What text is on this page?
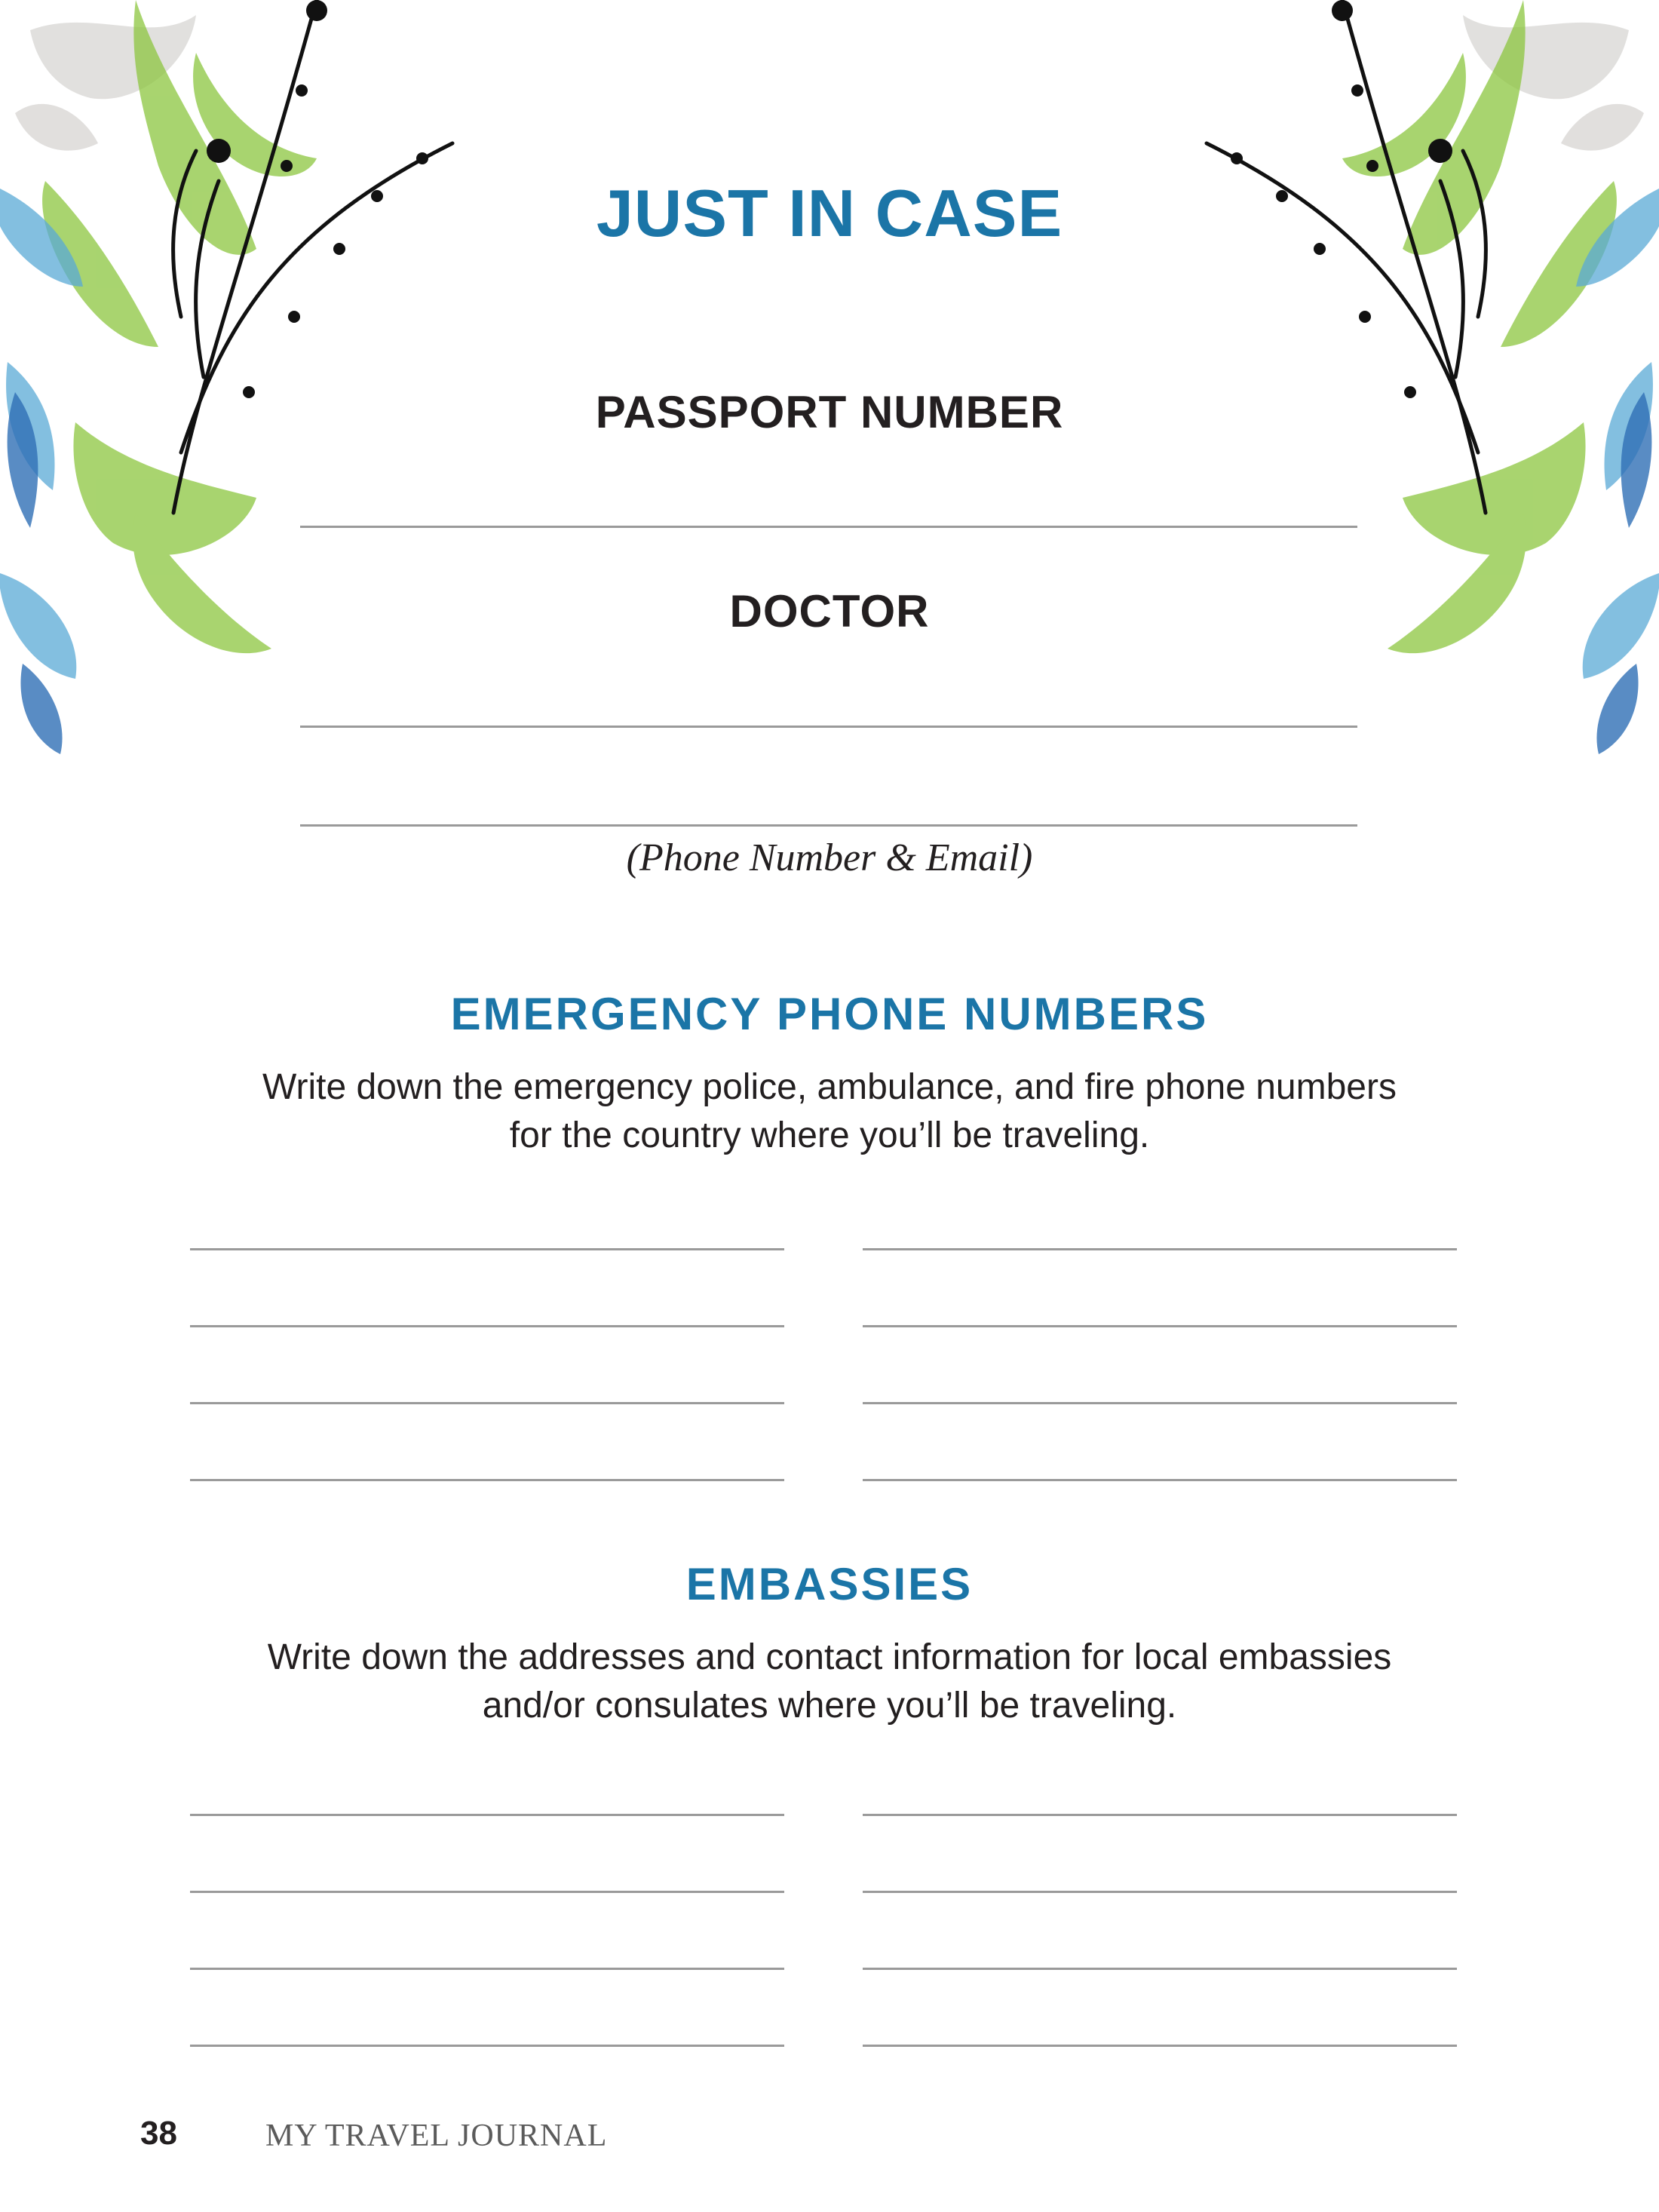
JUST IN CASE
PASSPORT NUMBER
DOCTOR
(Phone Number & Email)
EMERGENCY PHONE NUMBERS
Write down the emergency police, ambulance, and fire phone numbers
for the country where you’ll be traveling.
EMBASSIES
Write down the addresses and contact information for local embassies
and/or consulates where you’ll be traveling.
38	MY TRAVEL JOURNAL
